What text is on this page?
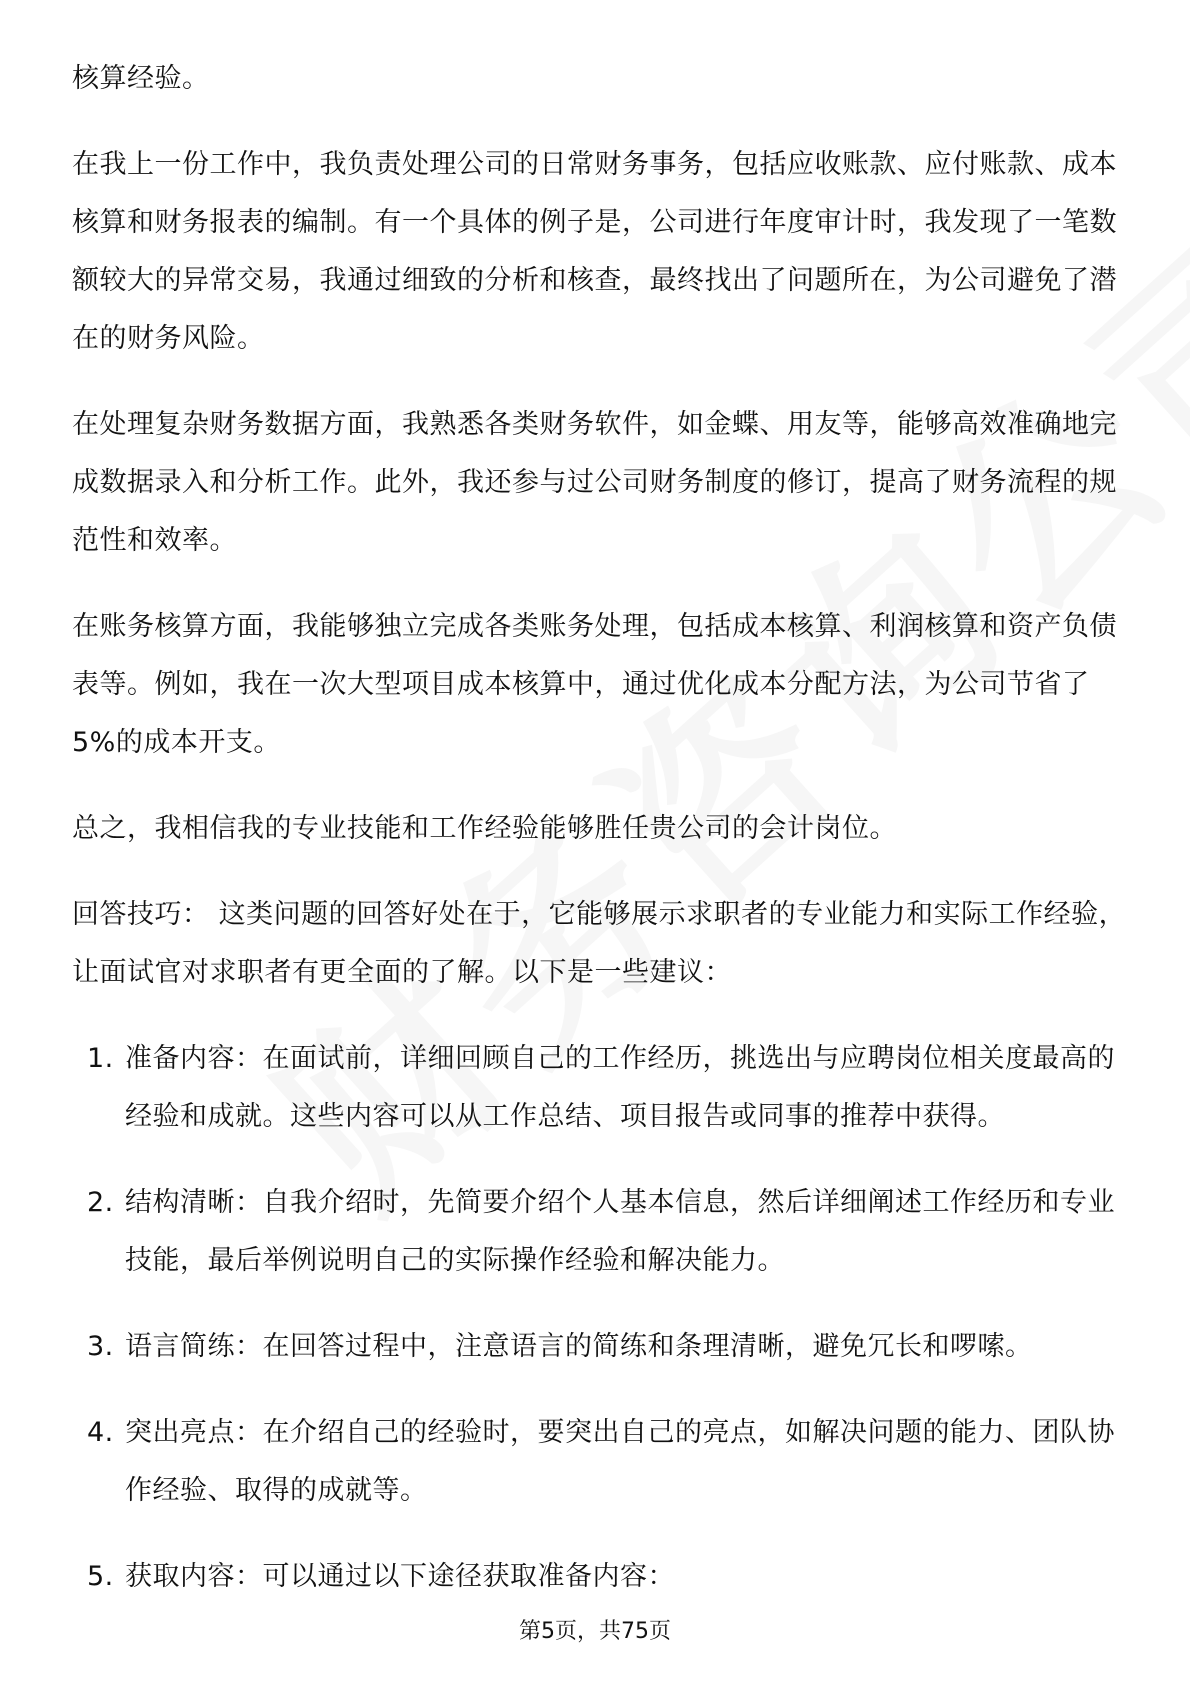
核算经验。

在我上一份工作中，我负责处理公司的日常财务事务，包括应收账款、应付账款、成本核算和财务报表的编制。有一个具体的例子是，公司进行年度审计时，我发现了一笔数额较大的异常交易，我通过细致的分析和核查，最终找出了问题所在，为公司避免了潜在的财务风险。

在处理复杂财务数据方面，我熟悉各类财务软件，如金蝶、用友等，能够高效准确地完成数据录入和分析工作。此外，我还参与过公司财务制度的修订，提高了财务流程的规范性和效率。

在账务核算方面，我能够独立完成各类账务处理，包括成本核算、利润核算和资产负债表等。例如，我在一次大型项目成本核算中，通过优化成本分配方法，为公司节省了5%的成本开支。

总之，我相信我的专业技能和工作经验能够胜任贵公司的会计岗位。

回答技巧： 这类问题的回答好处在于，它能够展示求职者的专业能力和实际工作经验，让面试官对求职者有更全面的了解。以下是一些建议：

1. 准备内容：在面试前，详细回顾自己的工作经历，挑选出与应聘岗位相关度最高的经验和成就。这些内容可以从工作总结、项目报告或同事的推荐中获得。
2. 结构清晰：自我介绍时，先简要介绍个人基本信息，然后详细阐述工作经历和专业技能，最后举例说明自己的实际操作经验和解决能力。
3. 语言简练：在回答过程中，注意语言的简练和条理清晰，避免冗长和啰嗦。
4. 突出亮点：在介绍自己的经验时，要突出自己的亮点，如解决问题的能力、团队协作经验、取得的成就等。
5. 获取内容：可以通过以下途径获取准备内容：
第5页，共75页
